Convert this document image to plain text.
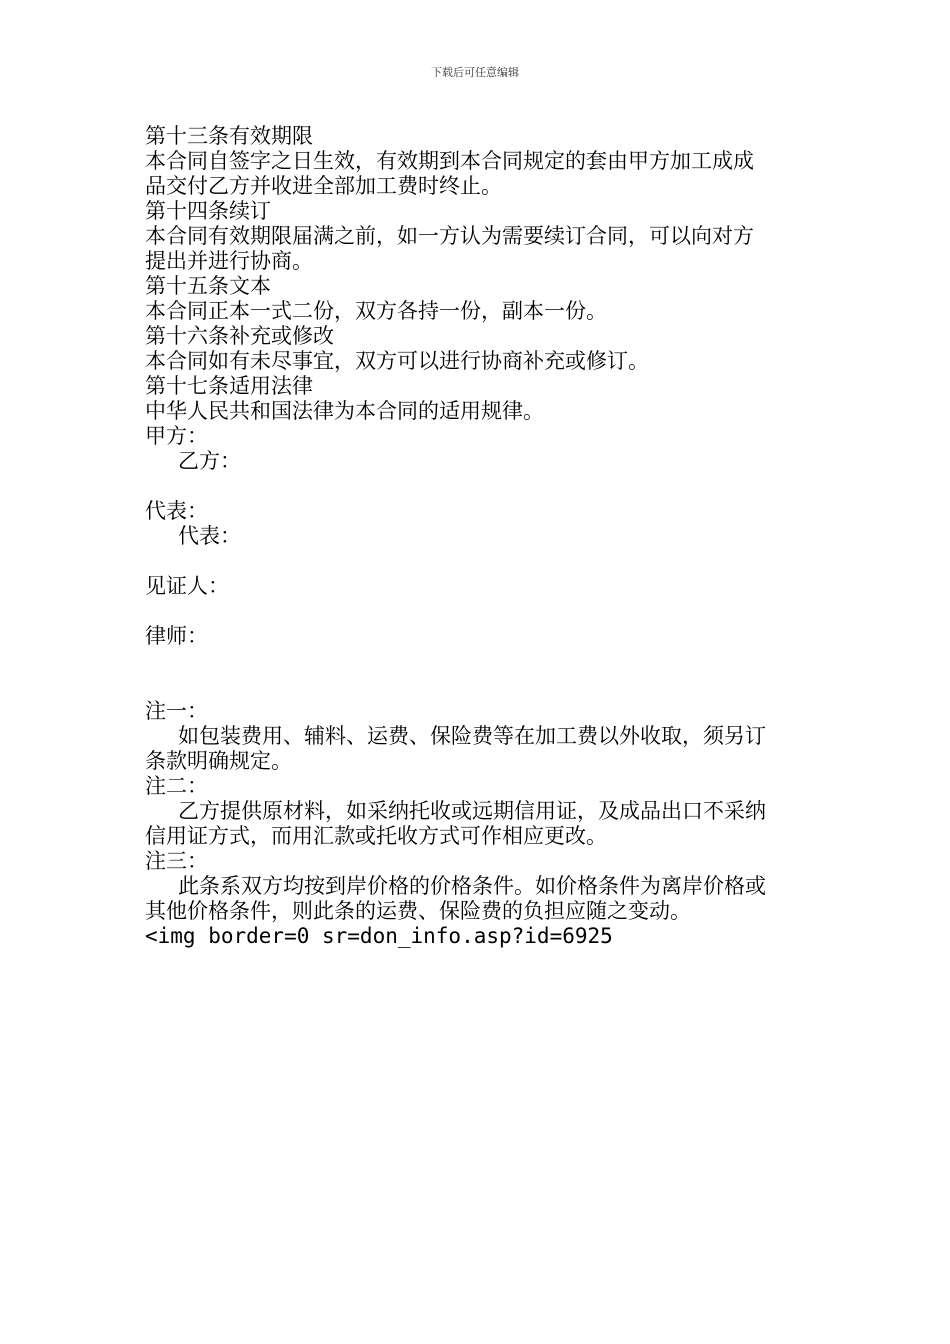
下载后可任意编辑
第十三条有效期限
本合同自签字之日生效，有效期到本合同规定的套由甲方加工成成
品交付乙方并收进全部加工费时终止。
第十四条续订
本合同有效期限届满之前，如一方认为需要续订合同，可以向对方
提出并进行协商。
第十五条文本
本合同正本一式二份，双方各持一份，副本一份。
第十六条补充或修改
本合同如有未尽事宜，双方可以进行协商补充或修订。
第十七条适用法律
中华人民共和国法律为本合同的适用规律。
甲方：
乙方：
代表：
代表：
见证人：
律师：
注一：
如包装费用、辅料、运费、保险费等在加工费以外收取，须另订
条款明确规定。
注二：
乙方提供原材料，如采纳托收或远期信用证，及成品出口不采纳
信用证方式，而用汇款或托收方式可作相应更改。
注三：
此条系双方均按到岸价格的价格条件。如价格条件为离岸价格或
其他价格条件，则此条的运费、保险费的负担应随之变动。
<img border=0 sr=don_info.asp?id=6925
